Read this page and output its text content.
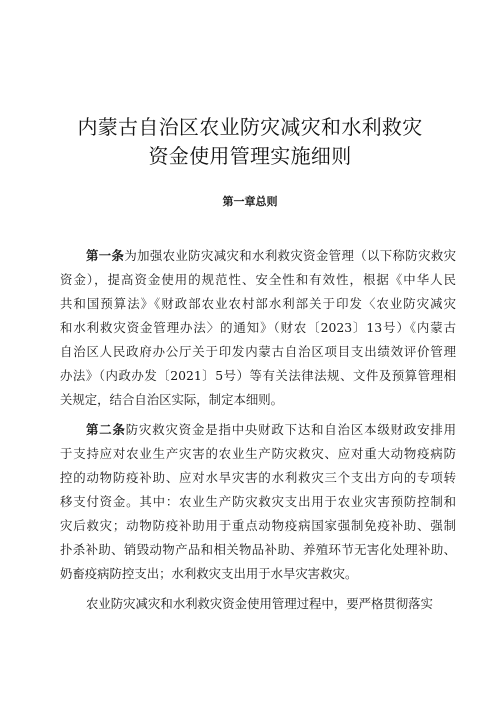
内蒙古自治区农业防灾减灾和水利救灾
资金使用管理实施细则
第一章总则
第一条为加强农业防灾减灾和水利救灾资金管理（以下称防灾救灾
资金），提高资金使用的规范性、安全性和有效性，根据《中华人民
共和国预算法》《财政部农业农村部水利部关于印发〈农业防灾减灾
和水利救灾资金管理办法〉的通知》（财农〔2023〕13号）《内蒙古
自治区人民政府办公厅关于印发内蒙古自治区项目支出绩效评价管理
办法》（内政办发〔2021〕5号）等有关法律法规、文件及预算管理相
关规定，结合自治区实际，制定本细则。
第二条防灾救灾资金是指中央财政下达和自治区本级财政安排用
于支持应对农业生产灾害的农业生产防灾救灾、应对重大动物疫病防
控的动物防疫补助、应对水旱灾害的水利救灾三个支出方向的专项转
移支付资金。其中：农业生产防灾救灾支出用于农业灾害预防控制和
灾后救灾；动物防疫补助用于重点动物疫病国家强制免疫补助、强制
扑杀补助、销毁动物产品和相关物品补助、养殖环节无害化处理补助、
奶畜疫病防控支出；水利救灾支出用于水旱灾害救灾。
农业防灾减灾和水利救灾资金使用管理过程中，要严格贯彻落实
